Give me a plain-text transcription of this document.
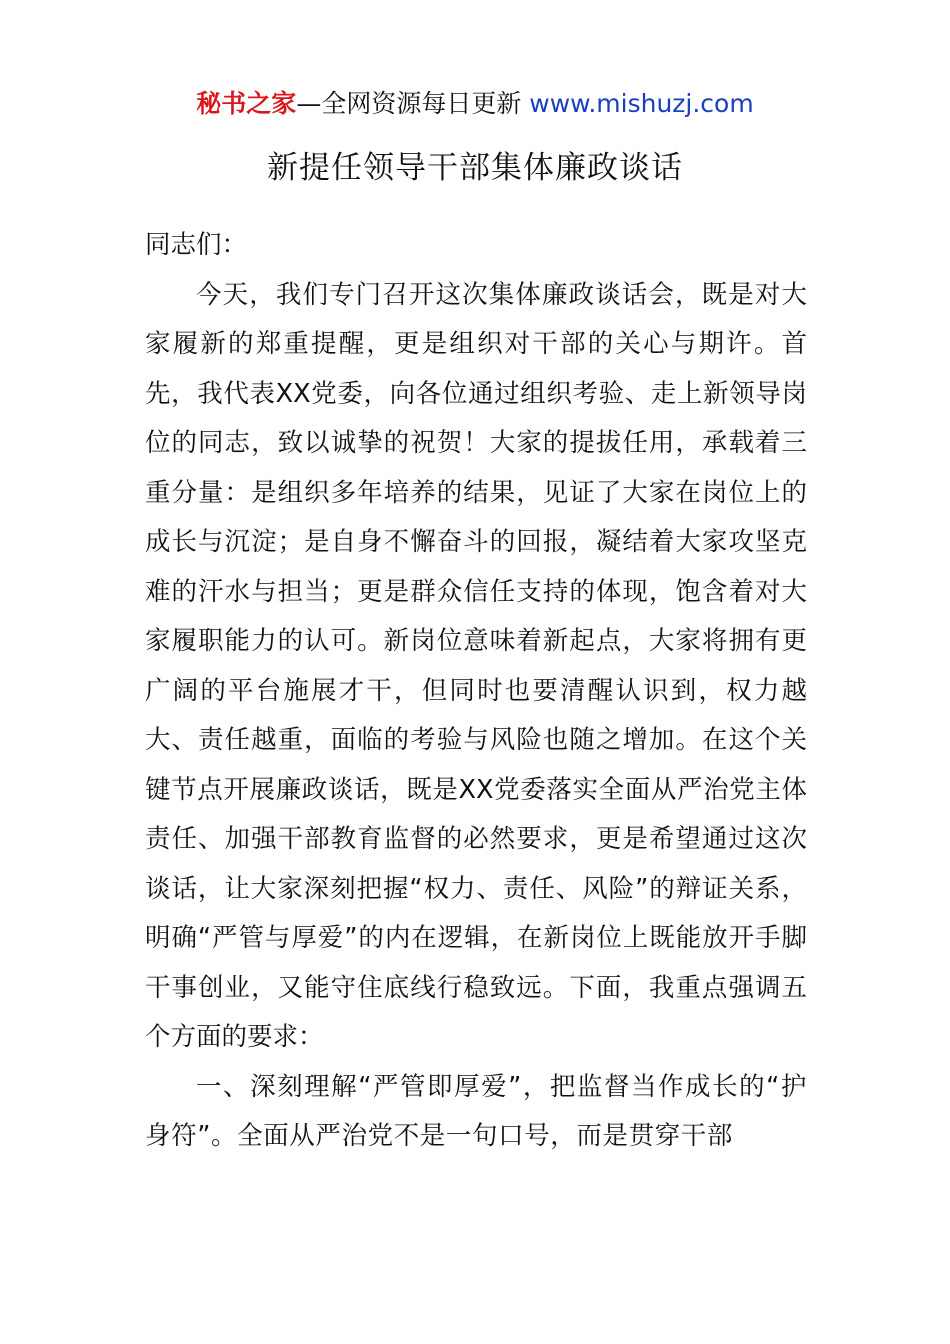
秘书之家—全网资源每日更新 www.mishuzj.com
新提任领导干部集体廉政谈话

同志们：

今天，我们专门召开这次集体廉政谈话会，既是对大家履新的郑重提醒，更是组织对干部的关心与期许。首先，我代表XX党委，向各位通过组织考验、走上新领导岗位的同志，致以诚挚的祝贺！大家的提拔任用，承载着三重分量：是组织多年培养的结果，见证了大家在岗位上的成长与沉淀；是自身不懈奋斗的回报，凝结着大家攻坚克难的汗水与担当；更是群众信任支持的体现，饱含着对大家履职能力的认可。新岗位意味着新起点，大家将拥有更广阔的平台施展才干，但同时也要清醒认识到，权力越大、责任越重，面临的考验与风险也随之增加。在这个关键节点开展廉政谈话，既是XX党委落实全面从严治党主体责任、加强干部教育监督的必然要求，更是希望通过这次谈话，让大家深刻把握“权力、责任、风险”的辩证关系，明确“严管与厚爱”的内在逻辑，在新岗位上既能放开手脚干事创业，又能守住底线行稳致远。下面，我重点强调五个方面的要求：

一、深刻理解“严管即厚爱”，把监督当作成长的“护身符”。全面从严治党不是一句口号，而是贯穿干部
